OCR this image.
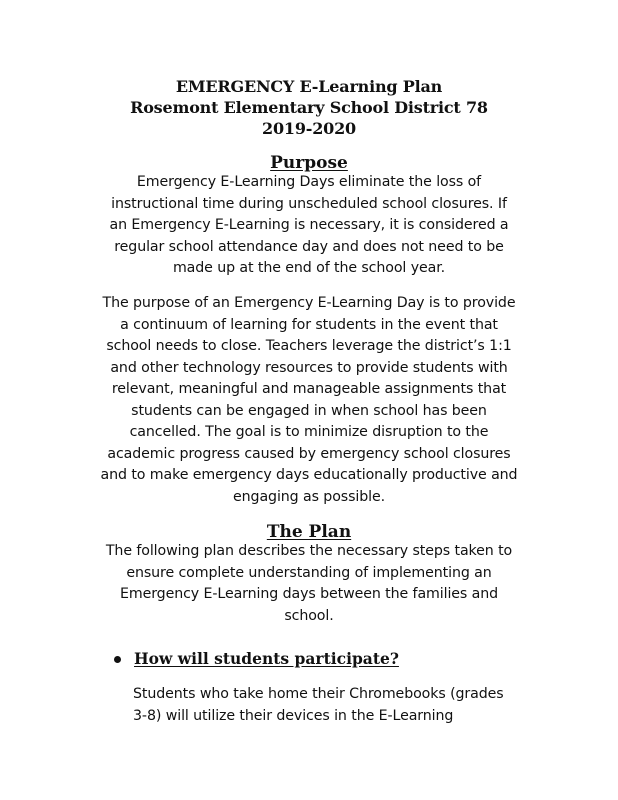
EMERGENCY E-Learning Plan
Rosemont Elementary School District 78
2019-2020
Purpose
Emergency E-Learning Days eliminate the loss of
instructional time during unscheduled school closures. If
an Emergency E-Learning is necessary, it is considered a
regular school attendance day and does not need to be
made up at the end of the school year.
The purpose of an Emergency E-Learning Day is to provide
a continuum of learning for students in the event that
school needs to close. Teachers leverage the district’s 1:1
and other technology resources to provide students with
relevant, meaningful and manageable assignments that
students can be engaged in when school has been
cancelled. The goal is to minimize disruption to the
academic progress caused by emergency school closures
and to make emergency days educationally productive and
engaging as possible.
The Plan
The following plan describes the necessary steps taken to
ensure complete understanding of implementing an
Emergency E-Learning days between the families and
school.
How will students participate?
Students who take home their Chromebooks (grades
3-8) will utilize their devices in the E-Learning
